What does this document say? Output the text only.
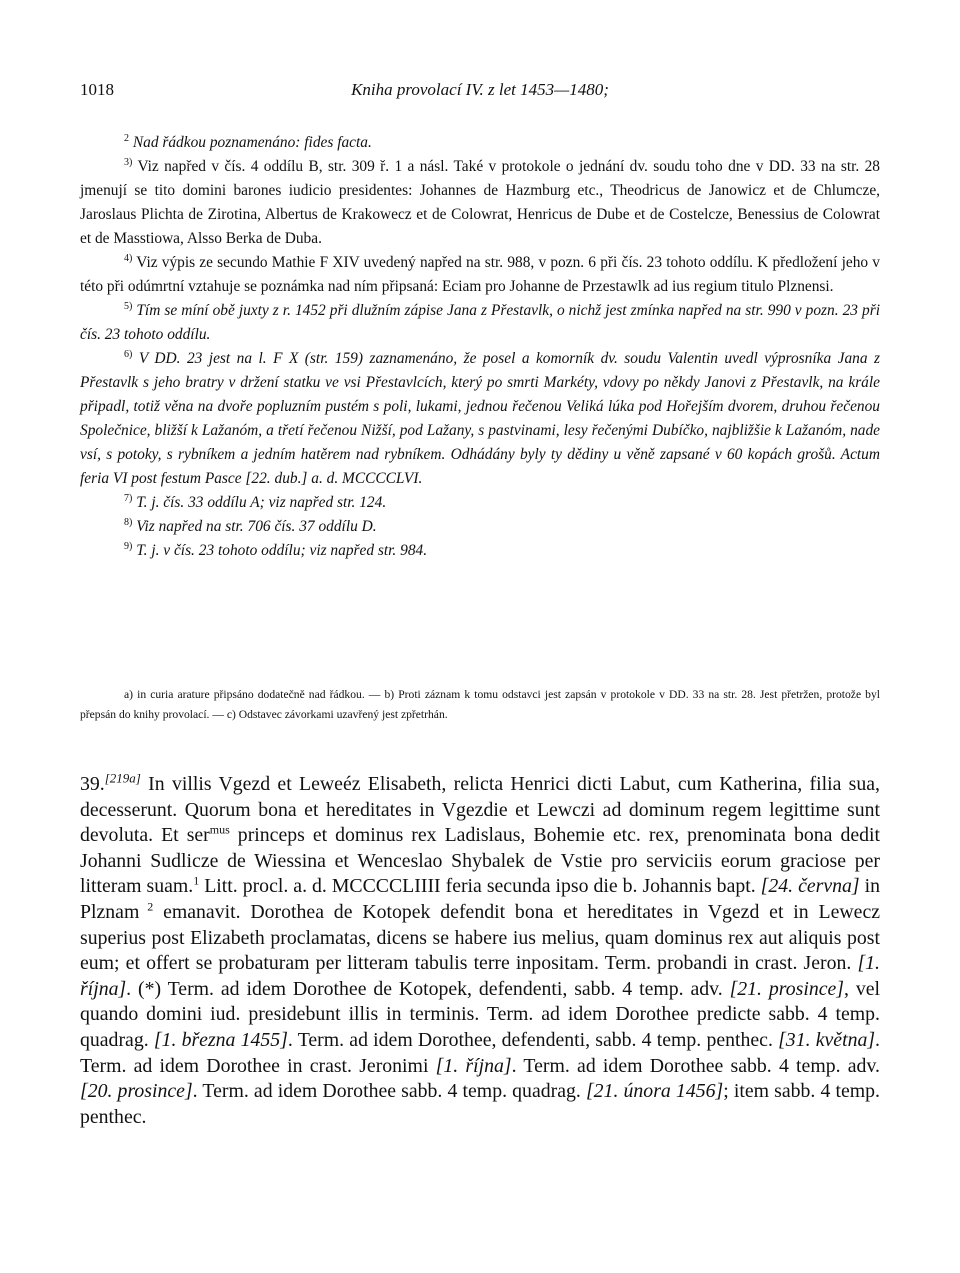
1018	Kniha provolací IV. z let 1453—1480;

$^2$ Nad řádkou poznamenáno: fides facta.

$^{3)}$ Viz napřed v čís. 4 oddílu B, str. 309 ř. 1 a násl. Také v protokole o jednání dv. soudu toho dne v DD. 33 na str. 28 jmenují se tito domini barones iudicio presidentes: Johannes de Hazmburg etc., Theodricus de Janowicz et de Chlumcze, Jaroslaus Plichta de Zirotina, Albertus de Krakowecz et de Colowrat, Henricus de Dube et de Costelcze, Benessius de Colowrat et de Masstiowa, Alsso Berka de Duba.

$^{4)}$ Viz výpis ze secundo Mathie F XIV uvedený napřed na str. 988, v pozn. 6 při čís. 23 tohoto oddílu. K předložení jeho v této při odúmrtní vztahuje se poznámka nad ním připsaná: Eciam pro Johanne de Przestawlk ad ius regium titulo Plznensi.

$^{5)}$ Tím se míní obě juxty z r. 1452 při dlužním zápise Jana z Přestavlk, o nichž jest zmínka napřed na str. 990 v pozn. 23 při čís. 23 tohoto oddílu.

$^{6)}$ V DD. 23 jest na l. F X (str. 159) zaznamenáno, že posel a komorník dv. soudu Valentin uvedl výprosníka Jana z Přestavlk s jeho bratry v držení statku ve vsi Přestavlcích, který po smrti Markéty, vdovy po někdy Janovi z Přestavlk, na krále připadl, totiž věna na dvoře popluzním pustém s poli, lukami, jednou řečenou Veliká lúka pod Hořejším dvorem, druhou řečenou Společnice, bližší k Lažanóm, a třetí řečenou Nižší, pod Lažany, s pastvinami, lesy řečenými Dubíčko, najbližšie k Lažanóm, nade vsí, s potoky, s rybníkem a jedním hatěrem nad rybníkem. Odhádány byly ty dědiny u věně zapsané v 60 kopách grošů. Actum feria VI post festum Pasce [22. dub.] a. d. MCCCCLVI.

$^{7)}$ T. j. čís. 33 oddílu A; viz napřed str. 124.

$^{8)}$ Viz napřed na str. 706 čís. 37 oddílu D.

$^{9)}$ T. j. v čís. 23 tohoto oddílu; viz napřed str. 984.

a) in curia arature připsáno dodatečně nad řádkou. — b) Proti záznam k tomu odstavci jest zapsán v protokole v DD. 33 na str. 28. Jest přetržen, protože byl přepsán do knihy provolací. — c) Odstavec závorkami uzavřený jest zpřetrhán.
39.[219a] In villis Vgezd et Leweéz Elisabeth, relicta Henrici dicti Labut, cum Katherina, filia sua, decesserunt. Quorum bona et hereditates in Vgezdie et Lewczi ad dominum regem legittime sunt devoluta. Et ser$^{mus}$ princeps et dominus rex Ladislaus, Bohemie etc. rex, prenominata bona dedit Johanni Sudlicze de Wiessina et Wenceslao Shybalek de Vstie pro serviciis eorum graciose per litteram suam.$^1$ Litt. procl. a. d. MCCCCLIIII feria secunda ipso die b. Johannis bapt. [24. června] in Plznam $^2$ emanavit. Dorothea de Kotopek defendit bona et hereditates in Vgezd et in Lewecz superius post Elizabeth proclamatas, dicens se habere ius melius, quam dominus rex aut aliquis post eum; et offert se probaturam per litteram tabulis terre inpositam. Term. probandi in crast. Jeron. [1. října]. (*) Term. ad idem Dorothee de Kotopek, defendenti, sabb. 4 temp. adv. [21. prosince], vel quando domini iud. presidebunt illis in terminis. Term. ad idem Dorothee predicte sabb. 4 temp. quadrag. [1. března 1455]. Term. ad idem Dorothee, defendenti, sabb. 4 temp. penthec. [31. května]. Term. ad idem Dorothee in crast. Jeronimi [1. října]. Term. ad idem Dorothee sabb. 4 temp. adv. [20. prosince]. Term. ad idem Dorothee sabb. 4 temp. quadrag. [21. února 1456]; item sabb. 4 temp. penthec.
